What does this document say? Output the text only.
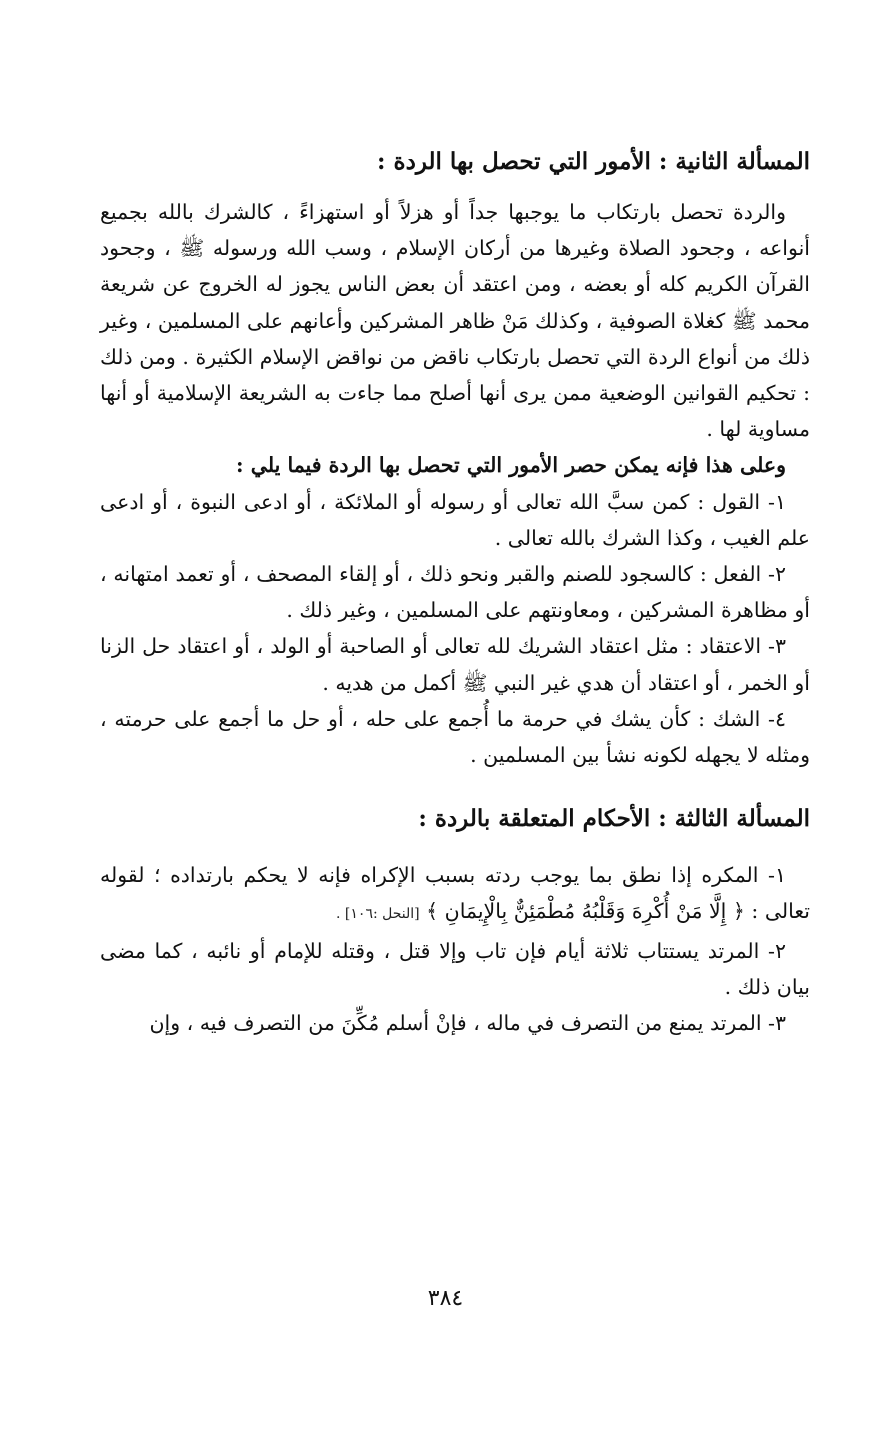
المسألة الثانية : الأمور التي تحصل بها الردة :

والردة تحصل بارتكاب ما يوجبها جداً أو هزلاً أو استهزاءً ، كالشرك بالله بجميع أنواعه ، وجحود الصلاة وغيرها من أركان الإسلام ، وسب الله ورسوله ﷺ ، وجحود القرآن الكريم كله أو بعضه ، ومن اعتقد أن بعض الناس يجوز له الخروج عن شريعة محمد ﷺ كغلاة الصوفية ، وكذلك مَنْ ظاهر المشركين وأعانهم على المسلمين ، وغير ذلك من أنواع الردة التي تحصل بارتكاب ناقض من نواقض الإسلام الكثيرة . ومن ذلك : تحكيم القوانين الوضعية ممن يرى أنها أصلح مما جاءت به الشريعة الإسلامية أو أنها مساوية لها .

وعلى هذا فإنه يمكن حصر الأمور التي تحصل بها الردة فيما يلي :

١- القول : كمن سبَّ الله تعالى أو رسوله أو الملائكة ، أو ادعى النبوة ، أو ادعى علم الغيب ، وكذا الشرك بالله تعالى .

٢- الفعل : كالسجود للصنم والقبر ونحو ذلك ، أو إلقاء المصحف ، أو تعمد امتهانه ، أو مظاهرة المشركين ، ومعاونتهم على المسلمين ، وغير ذلك .

٣- الاعتقاد : مثل اعتقاد الشريك لله تعالى أو الصاحبة أو الولد ، أو اعتقاد حل الزنا أو الخمر ، أو اعتقاد أن هدي غير النبي ﷺ أكمل من هديه .

٤- الشك : كأن يشك في حرمة ما أُجمع على حله ، أو حل ما أجمع على حرمته ، ومثله لا يجهله لكونه نشأ بين المسلمين .

المسألة الثالثة : الأحكام المتعلقة بالردة :

١- المكره إذا نطق بما يوجب ردته بسبب الإكراه فإنه لا يحكم بارتداده ؛ لقوله تعالى : ﴿ إِلَّا مَنْ أُكْرِهَ وَقَلْبُهُ مُطْمَئِنٌّ بِالْإِيمَانِ ﴾ [النحل :١٠٦] .

٢- المرتد يستتاب ثلاثة أيام فإن تاب وإلا قتل ، وقتله للإمام أو نائبه ، كما مضى بيان ذلك .

٣- المرتد يمنع من التصرف في ماله ، فإنْ أسلم مُكِّنَ من التصرف فيه ، وإن

٣٨٤
